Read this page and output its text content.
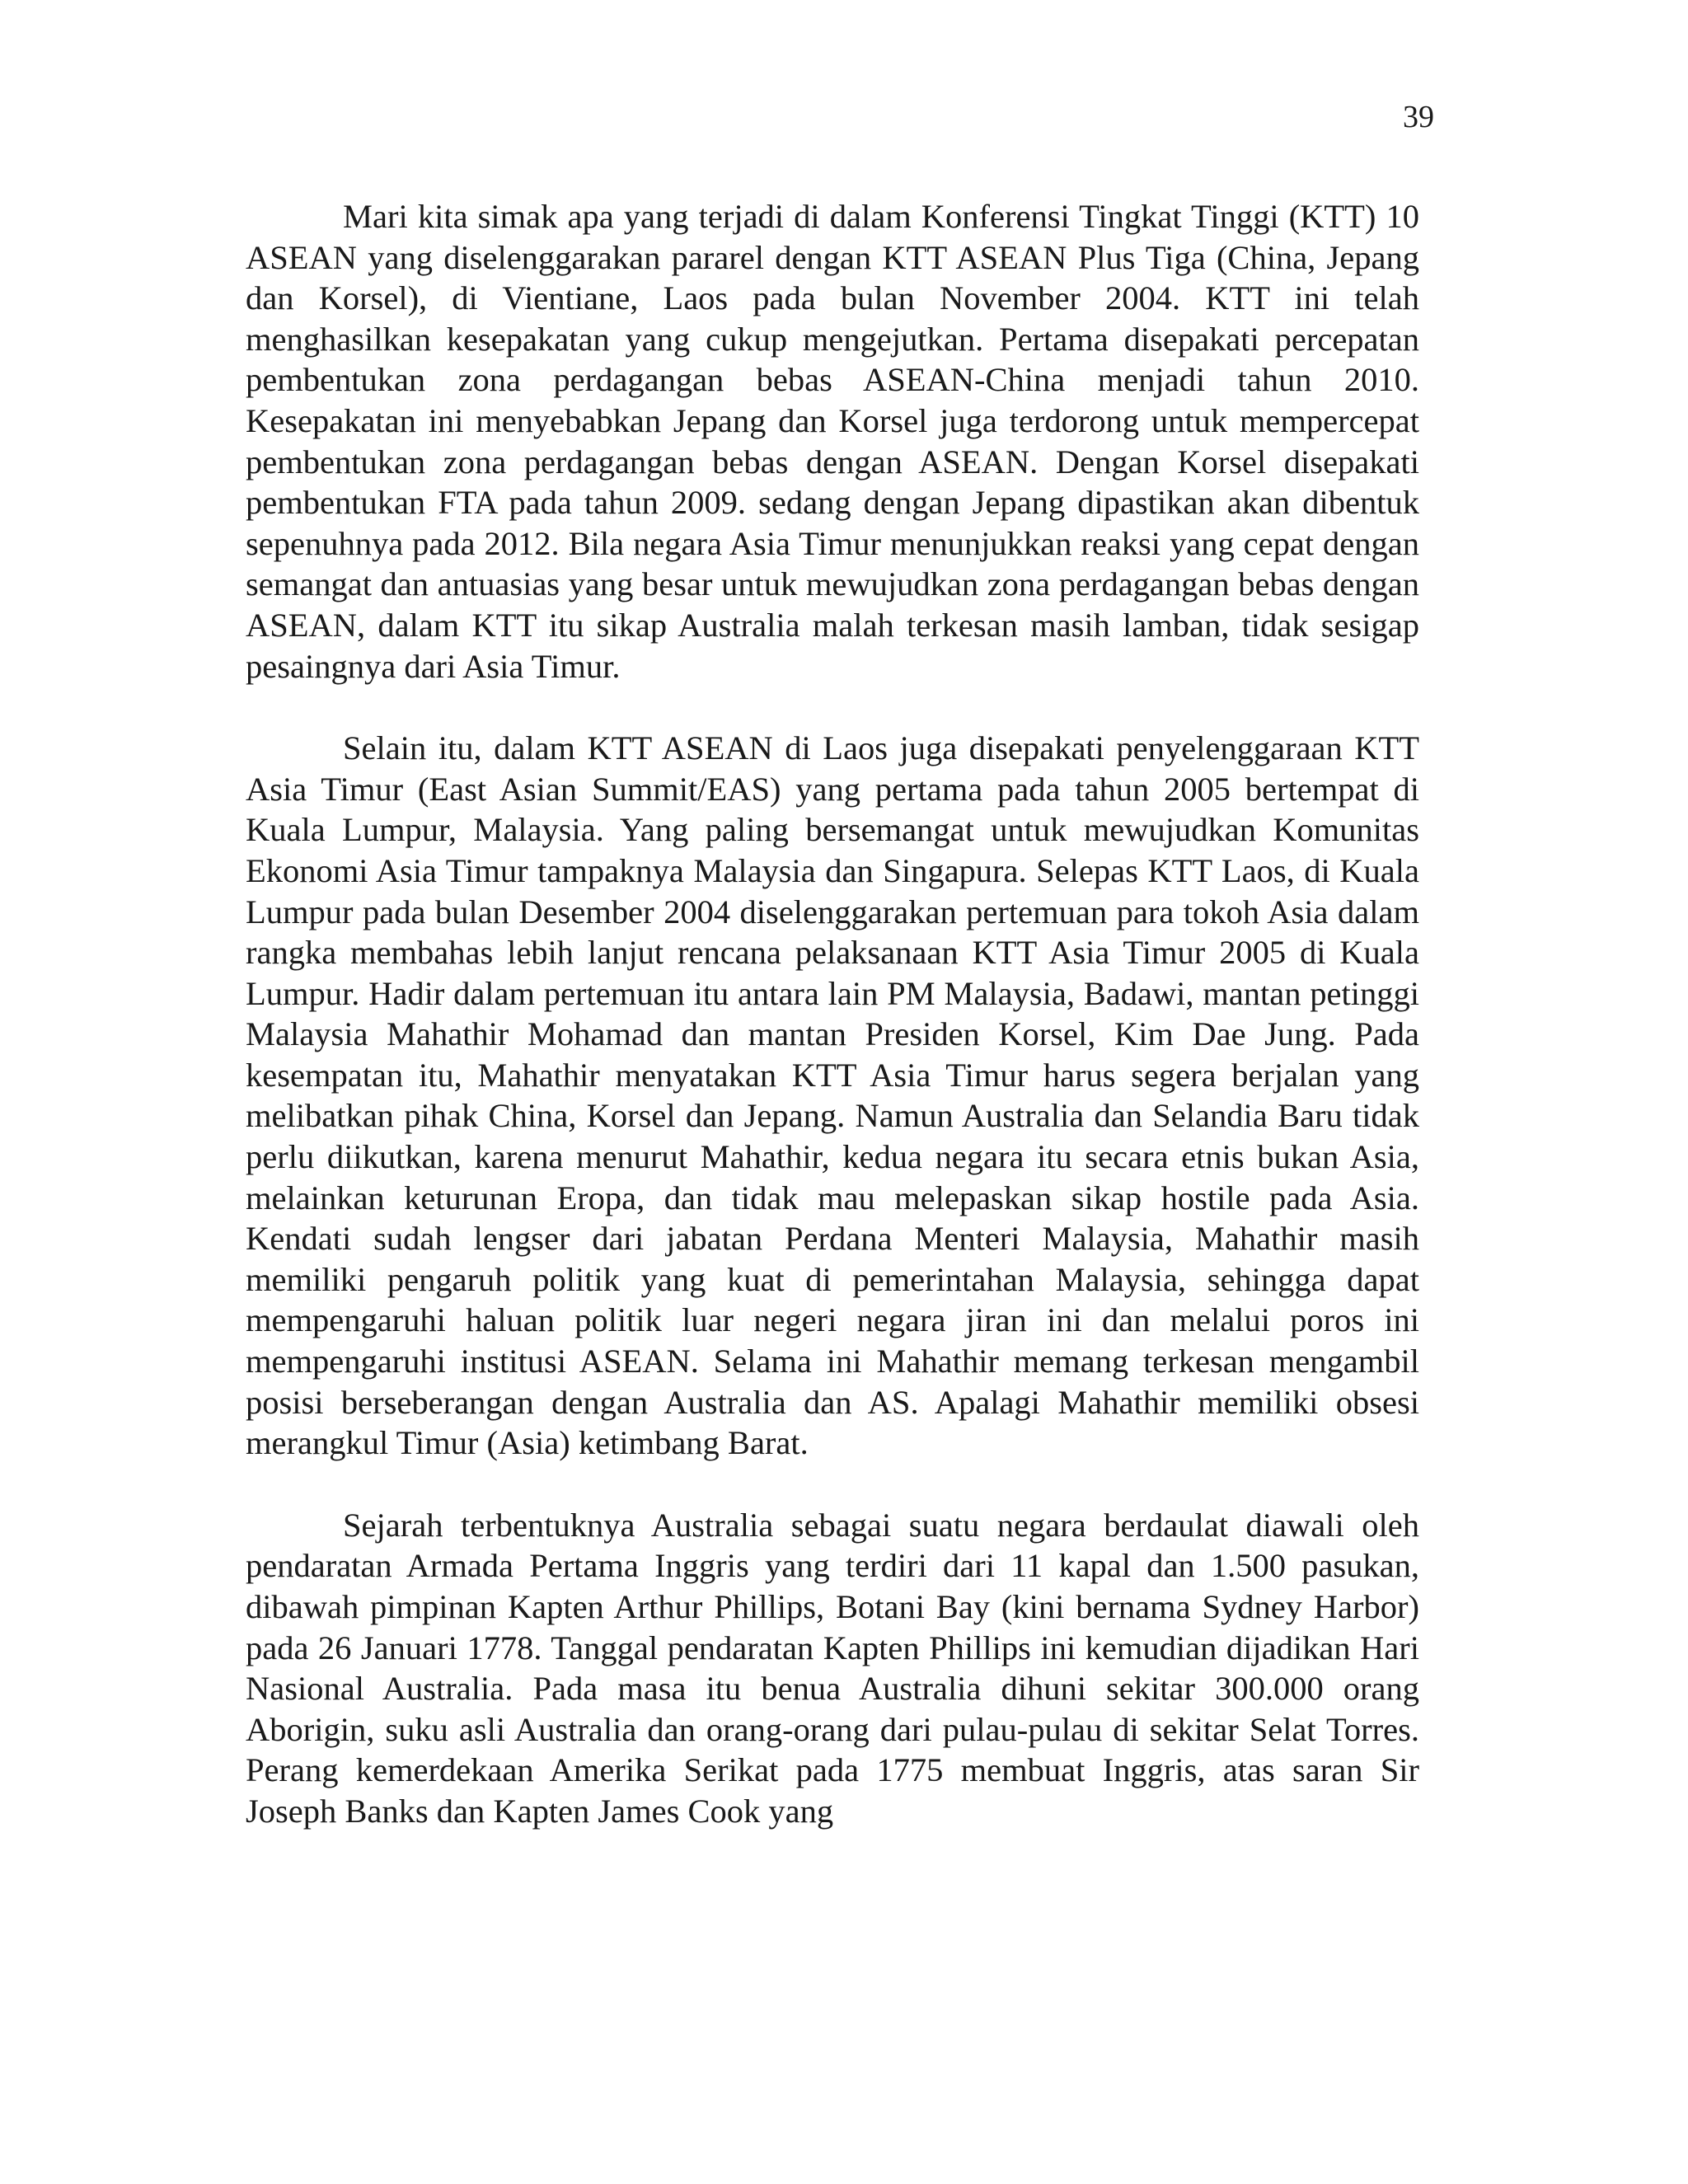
39

Mari kita simak apa yang terjadi di dalam Konferensi Tingkat Tinggi (KTT) 10 ASEAN yang diselenggarakan pararel dengan KTT ASEAN Plus Tiga (China, Jepang dan Korsel), di Vientiane, Laos pada bulan November 2004. KTT ini telah menghasilkan kesepakatan yang cukup mengejutkan. Pertama disepakati percepatan pembentukan zona perdagangan bebas ASEAN-China menjadi tahun 2010. Kesepakatan ini menyebabkan Jepang dan Korsel juga terdorong untuk mempercepat pembentukan zona perdagangan bebas dengan ASEAN. Dengan Korsel disepakati pembentukan FTA pada tahun 2009. sedang dengan Jepang dipastikan akan dibentuk sepenuhnya pada 2012. Bila negara Asia Timur menunjukkan reaksi yang cepat dengan semangat dan antuasias yang besar untuk mewujudkan zona perdagangan bebas dengan ASEAN, dalam KTT itu sikap Australia malah terkesan masih lamban, tidak sesigap pesaingnya dari Asia Timur.

Selain itu, dalam KTT ASEAN di Laos juga disepakati penyelenggaraan KTT Asia Timur (East Asian Summit/EAS) yang pertama pada tahun 2005 bertempat di Kuala Lumpur, Malaysia. Yang paling bersemangat untuk mewujudkan Komunitas Ekonomi Asia Timur tampaknya Malaysia dan Singapura. Selepas KTT Laos, di Kuala Lumpur pada bulan Desember 2004 diselenggarakan pertemuan para tokoh Asia dalam rangka membahas lebih lanjut rencana pelaksanaan KTT Asia Timur 2005 di Kuala Lumpur. Hadir dalam pertemuan itu antara lain PM Malaysia, Badawi, mantan petinggi Malaysia Mahathir Mohamad dan mantan Presiden Korsel, Kim Dae Jung. Pada kesempatan itu, Mahathir menyatakan KTT Asia Timur harus segera berjalan yang melibatkan pihak China, Korsel dan Jepang. Namun Australia dan Selandia Baru tidak perlu diikutkan, karena menurut Mahathir, kedua negara itu secara etnis bukan Asia, melainkan keturunan Eropa, dan tidak mau melepaskan sikap hostile pada Asia. Kendati sudah lengser dari jabatan Perdana Menteri Malaysia, Mahathir masih memiliki pengaruh politik yang kuat di pemerintahan Malaysia, sehingga dapat mempengaruhi haluan politik luar negeri negara jiran ini dan melalui poros ini mempengaruhi institusi ASEAN. Selama ini Mahathir memang terkesan mengambil posisi berseberangan dengan Australia dan AS. Apalagi Mahathir memiliki obsesi merangkul Timur (Asia) ketimbang Barat.

Sejarah terbentuknya Australia sebagai suatu negara berdaulat diawali oleh pendaratan Armada Pertama Inggris yang terdiri dari 11 kapal dan 1.500 pasukan, dibawah pimpinan Kapten Arthur Phillips, Botani Bay (kini bernama Sydney Harbor) pada 26 Januari 1778. Tanggal pendaratan Kapten Phillips ini kemudian dijadikan Hari Nasional Australia. Pada masa itu benua Australia dihuni sekitar 300.000 orang Aborigin, suku asli Australia dan orang-orang dari pulau-pulau di sekitar Selat Torres. Perang kemerdekaan Amerika Serikat pada 1775 membuat Inggris, atas saran Sir Joseph Banks dan Kapten James Cook yang
